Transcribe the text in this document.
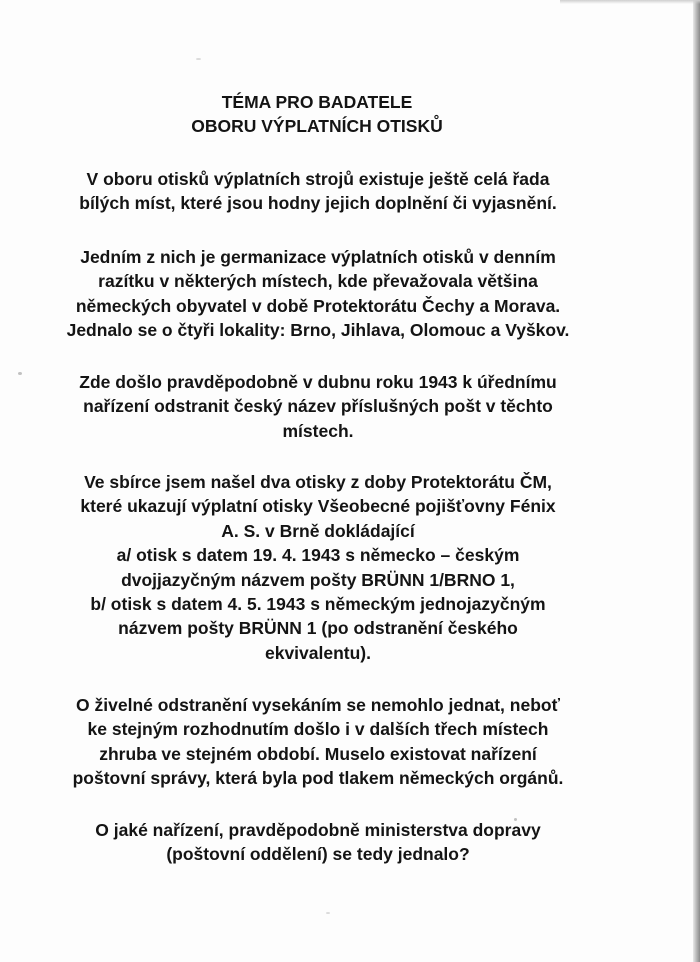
TÉMA PRO BADATELE
OBORU VÝPLATNÍCH OTISKŮ
V oboru otisků výplatních strojů existuje ještě celá řada
bílých míst, které jsou hodny jejich doplnění či vyjasnění.
Jedním z nich je germanizace výplatních otisků v denním
razítku v některých místech, kde převažovala většina
německých obyvatel v době Protektorátu Čechy a Morava.
Jednalo se o čtyři lokality: Brno, Jihlava, Olomouc a Vyškov.
Zde došlo pravděpodobně v dubnu roku 1943 k úřednímu
nařízení odstranit český název příslušných pošt v těchto
místech.
Ve sbírce jsem našel dva otisky z doby Protektorátu ČM,
které ukazují výplatní otisky Všeobecné pojišťovny Fénix
A. S. v Brně dokládající
a/ otisk s datem 19. 4. 1943 s německo – českým
dvojjazyčným názvem pošty BRÜNN 1/BRNO 1,
b/ otisk s datem 4. 5. 1943 s německým jednojazyčným
názvem pošty BRÜNN 1 (po odstranění českého
ekvivalentu).
O živelné odstranění vysekáním se nemohlo jednat, neboť
ke stejným rozhodnutím došlo i v dalších třech místech
zhruba ve stejném období. Muselo existovat nařízení
poštovní správy, která byla pod tlakem německých orgánů.
O jaké nařízení, pravděpodobně ministerstva dopravy
(poštovní oddělení) se tedy jednalo?
